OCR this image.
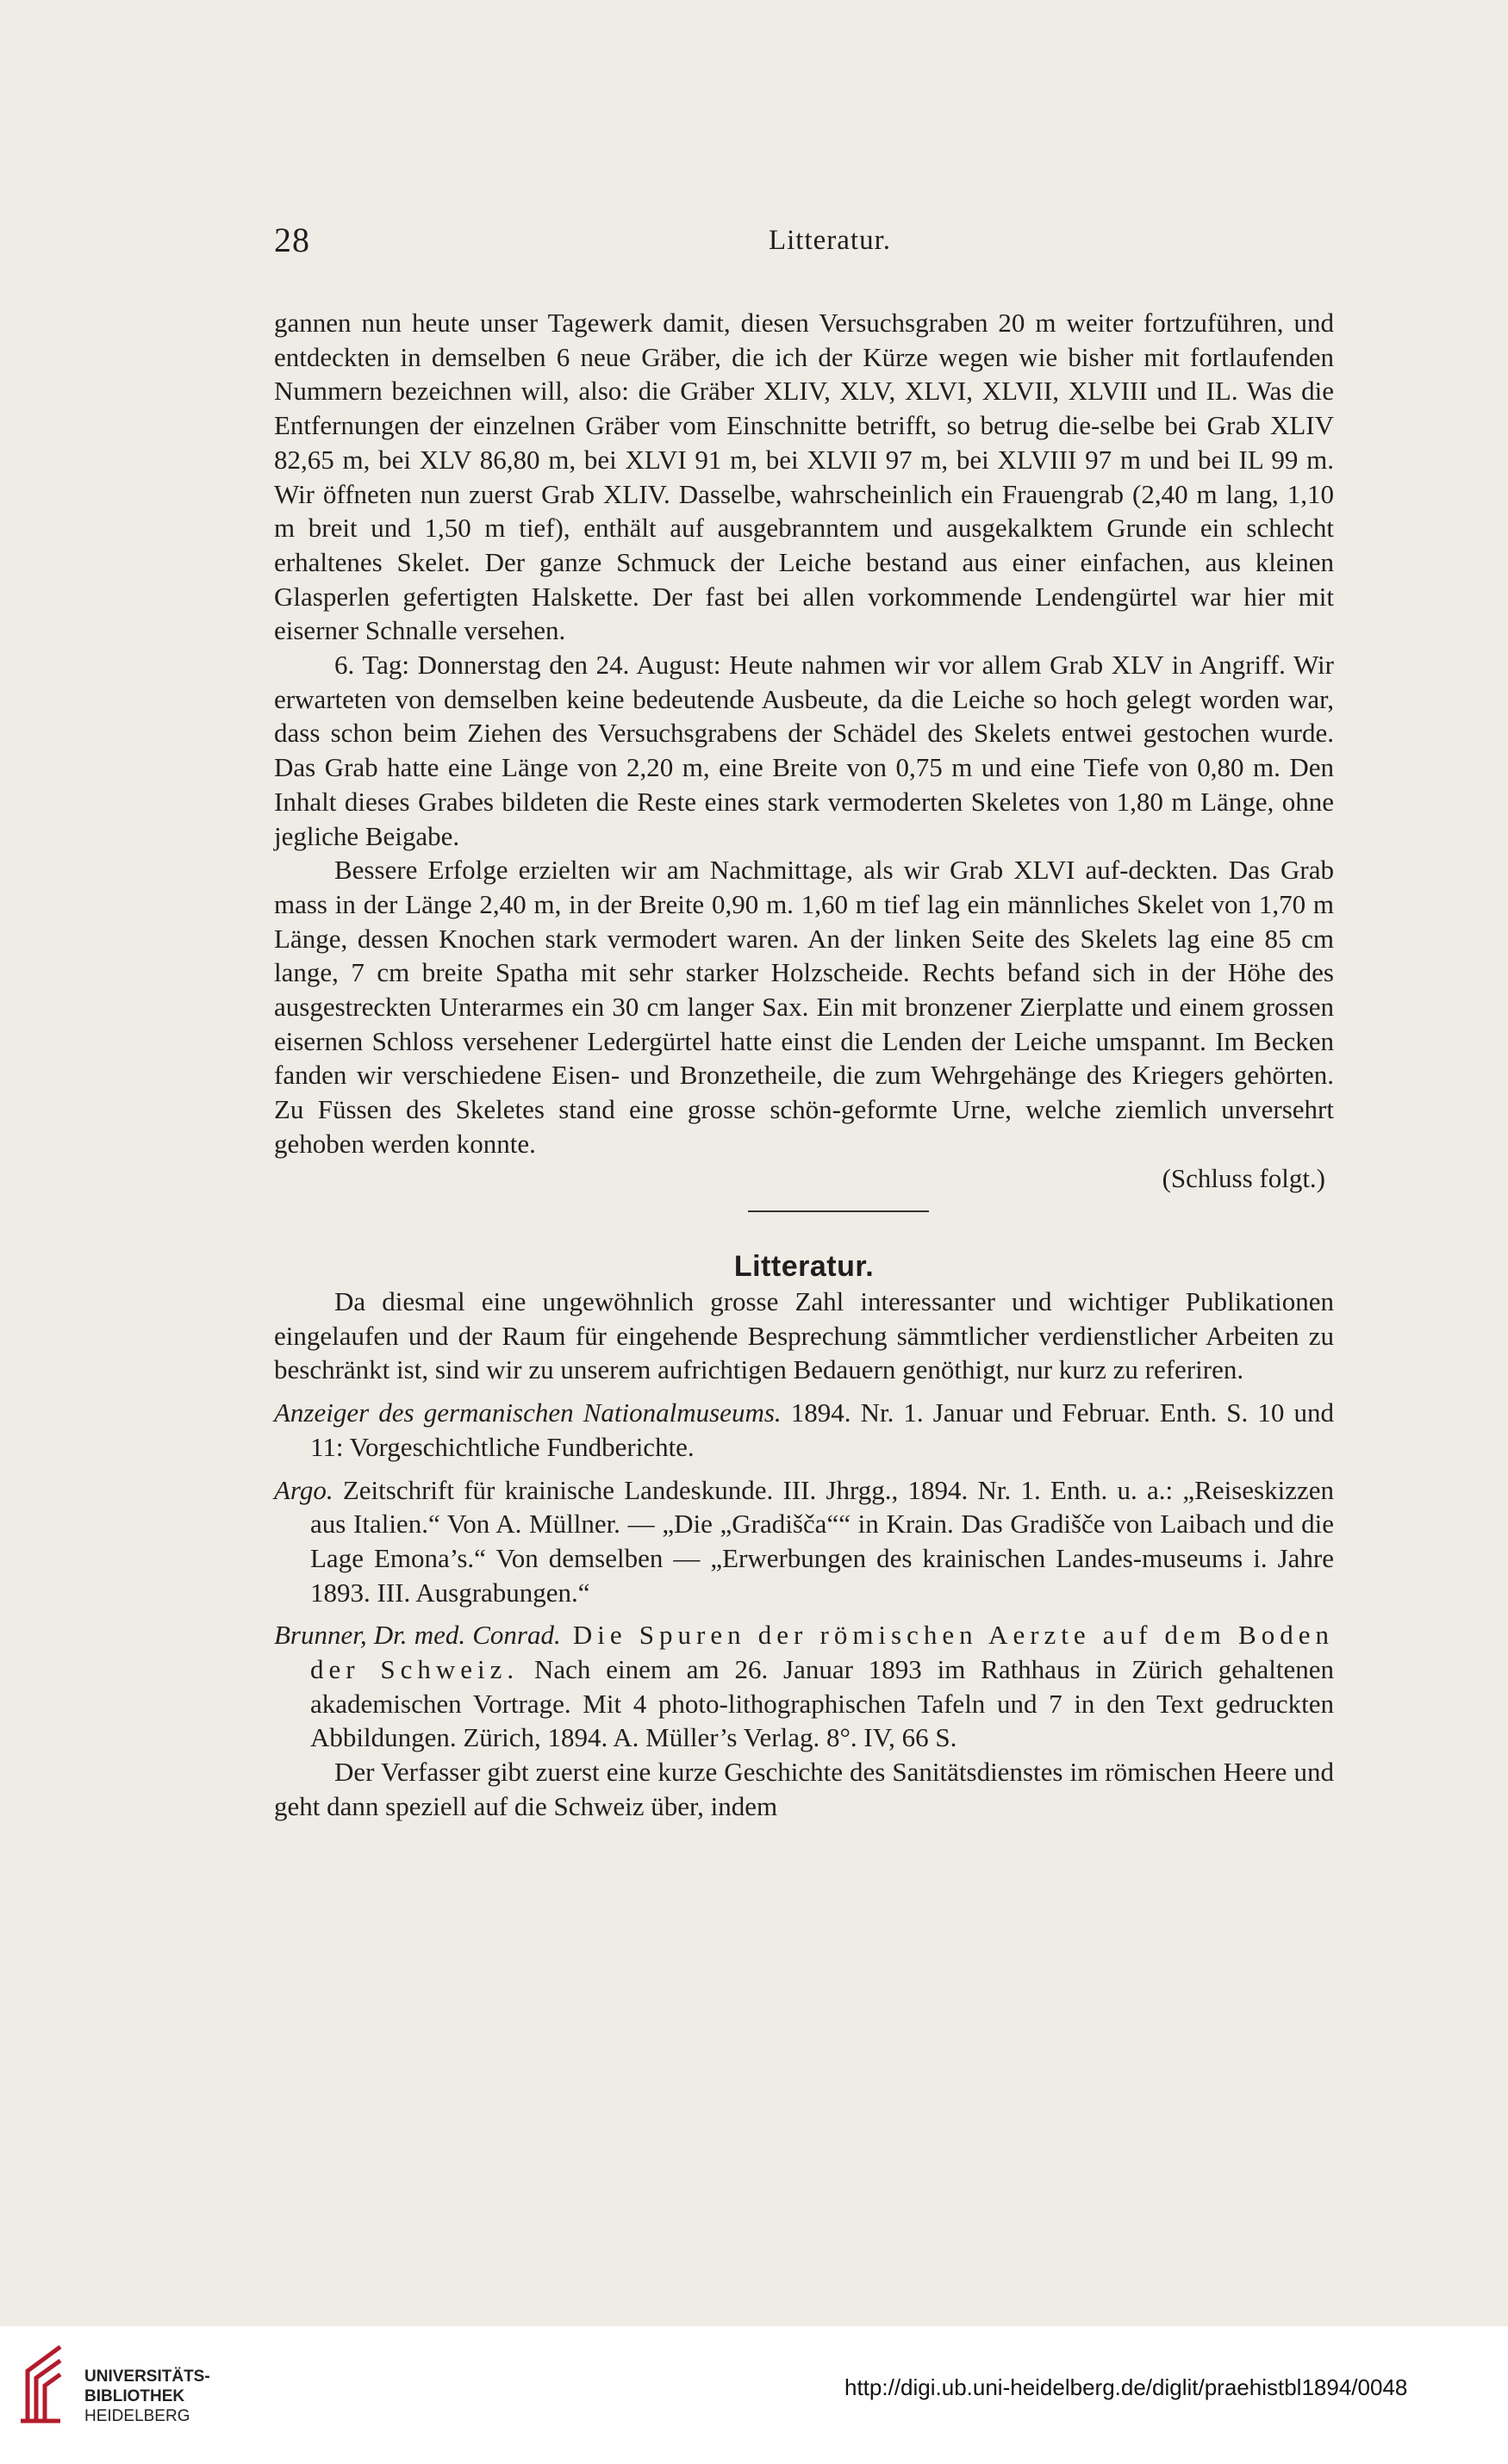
28	Litteratur.

gannen nun heute unser Tagewerk damit, diesen Versuchsgraben 20 m weiter fortzuführen, und entdeckten in demselben 6 neue Gräber, die ich der Kürze wegen wie bisher mit fortlaufenden Nummern bezeichnen will, also: die Gräber XLIV, XLV, XLVI, XLVII, XLVIII und IL. Was die Entfernungen der einzelnen Gräber vom Einschnitte betrifft, so betrug die-selbe bei Grab XLIV 82,65 m, bei XLV 86,80 m, bei XLVI 91 m, bei XLVII 97 m, bei XLVIII 97 m und bei IL 99 m. Wir öffneten nun zuerst Grab XLIV. Dasselbe, wahrscheinlich ein Frauengrab (2,40 m lang, 1,10 m breit und 1,50 m tief), enthält auf ausgebranntem und ausgekalktem Grunde ein schlecht erhaltenes Skelet. Der ganze Schmuck der Leiche bestand aus einer einfachen, aus kleinen Glasperlen gefertigten Halskette. Der fast bei allen vorkommende Lendengürtel war hier mit eiserner Schnalle versehen.

6. Tag: Donnerstag den 24. August: Heute nahmen wir vor allem Grab XLV in Angriff. Wir erwarteten von demselben keine bedeutende Ausbeute, da die Leiche so hoch gelegt worden war, dass schon beim Ziehen des Versuchsgrabens der Schädel des Skelets entwei gestochen wurde. Das Grab hatte eine Länge von 2,20 m, eine Breite von 0,75 m und eine Tiefe von 0,80 m. Den Inhalt dieses Grabes bildeten die Reste eines stark vermoderten Skeletes von 1,80 m Länge, ohne jegliche Beigabe.

Bessere Erfolge erzielten wir am Nachmittage, als wir Grab XLVI auf-deckten. Das Grab mass in der Länge 2,40 m, in der Breite 0,90 m. 1,60 m tief lag ein männliches Skelet von 1,70 m Länge, dessen Knochen stark vermodert waren. An der linken Seite des Skelets lag eine 85 cm lange, 7 cm breite Spatha mit sehr starker Holzscheide. Rechts befand sich in der Höhe des ausgestreckten Unterarmes ein 30 cm langer Sax. Ein mit bronzener Zierplatte und einem grossen eisernen Schloss versehener Ledergürtel hatte einst die Lenden der Leiche umspannt. Im Becken fanden wir verschiedene Eisen- und Bronzetheile, die zum Wehrgehänge des Kriegers gehörten. Zu Füssen des Skeletes stand eine grosse schön-geformte Urne, welche ziemlich unversehrt gehoben werden konnte.

(Schluss folgt.)

Litteratur.

Da diesmal eine ungewöhnlich grosse Zahl interessanter und wichtiger Publikationen eingelaufen und der Raum für eingehende Besprechung sämmtlicher verdienstlicher Arbeiten zu beschränkt ist, sind wir zu unserem aufrichtigen Bedauern genöthigt, nur kurz zu referiren.

Anzeiger des germanischen Nationalmuseums. 1894. Nr. 1. Januar und Februar. Enth. S. 10 und 11: Vorgeschichtliche Fundberichte.

Argo. Zeitschrift für krainische Landeskunde. III. Jhrgg., 1894. Nr. 1. Enth. u. a.: „Reiseskizzen aus Italien.“ Von A. Müllner. — „Die „Gradišča““ in Krain. Das Gradišče von Laibach und die Lage Emona’s.“ Von demselben — „Erwerbungen des krainischen Landes-museums i. Jahre 1893. III. Ausgrabungen.“

Brunner, Dr. med. Conrad. Die Spuren der römischen Aerzte auf dem Boden der Schweiz. Nach einem am 26. Januar 1893 im Rathhaus in Zürich gehaltenen akademischen Vortrage. Mit 4 photo-lithographischen Tafeln und 7 in den Text gedruckten Abbildungen. Zürich, 1894. A. Müller’s Verlag. 8°. IV, 66 S.

Der Verfasser gibt zuerst eine kurze Geschichte des Sanitätsdienstes im römischen Heere und geht dann speziell auf die Schweiz über, indem

UNIVERSITÄTS-
BIBLIOTHEK
HEIDELBERG
http://digi.ub.uni-heidelberg.de/diglit/praehistbl1894/0048
